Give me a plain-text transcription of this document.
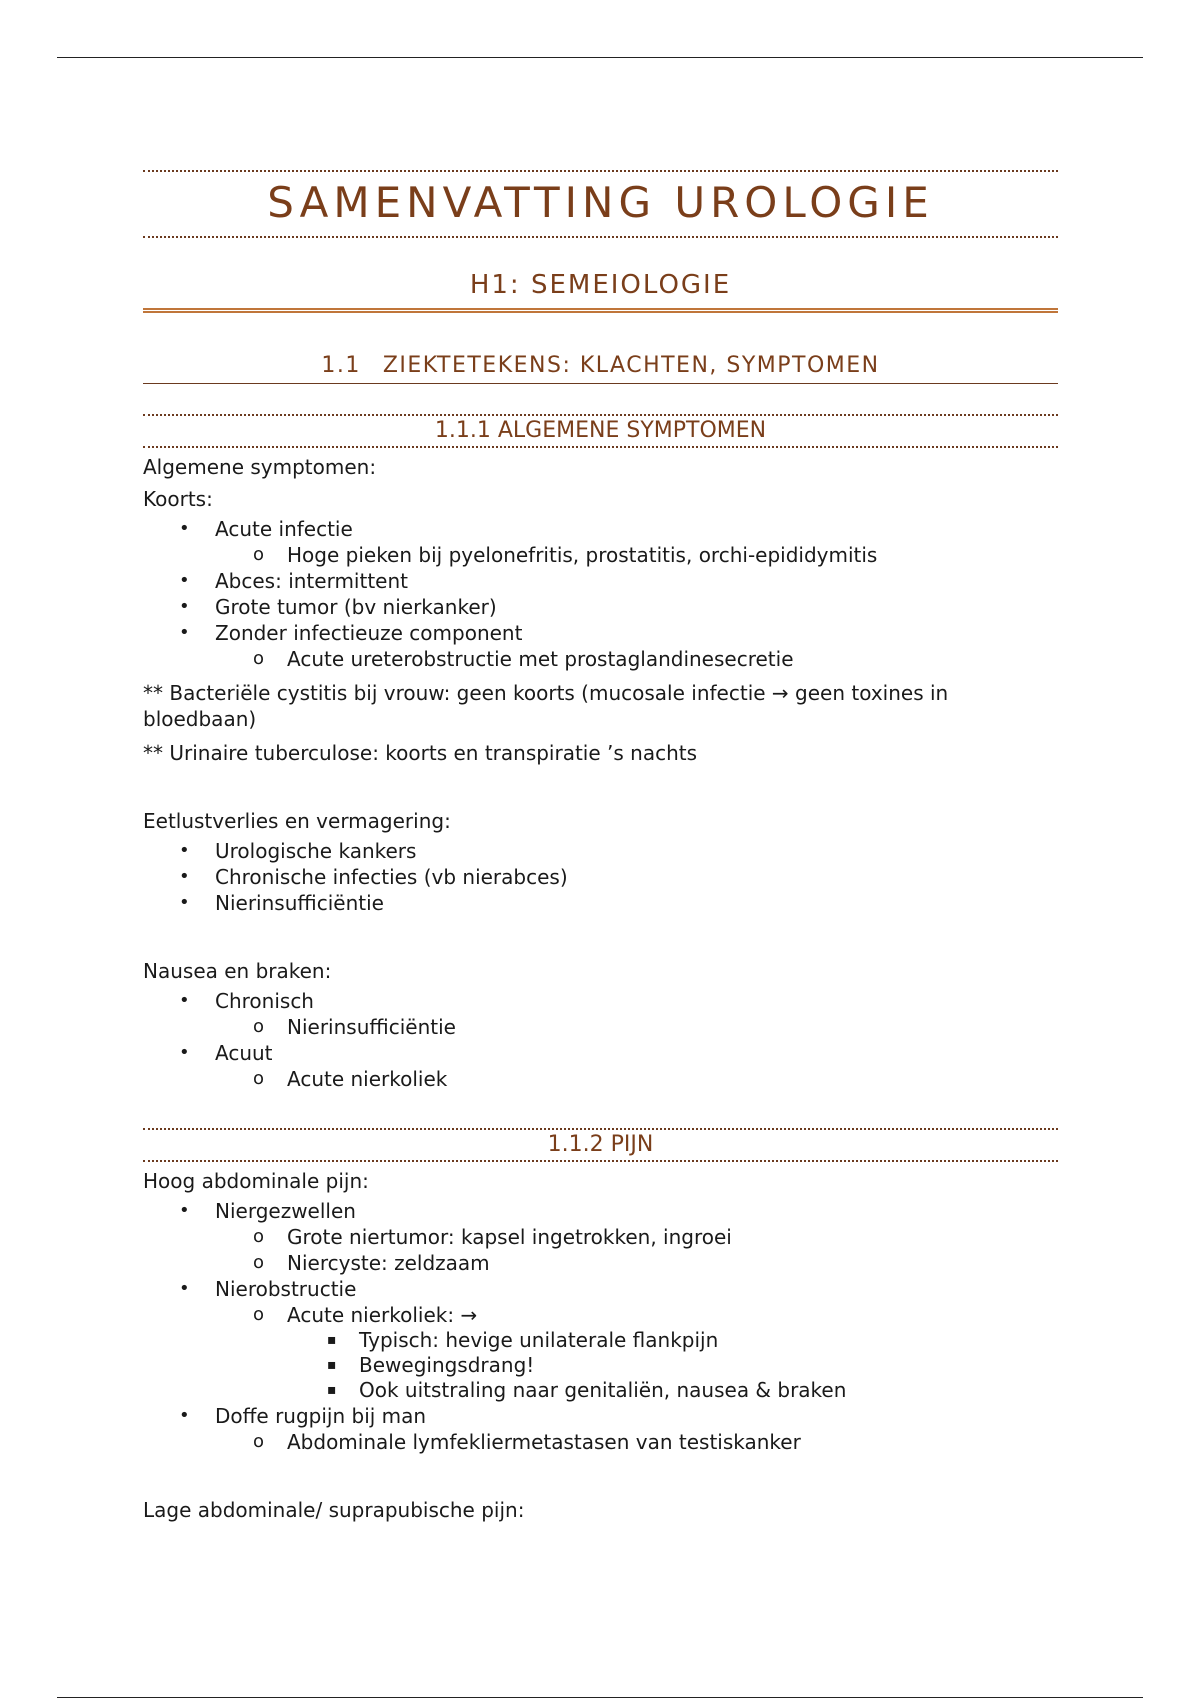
SAMENVATTING UROLOGIE
H1: SEMEIOLOGIE
1.1 ZIEKTETEKENS: KLACHTEN, SYMPTOMEN
1.1.1 ALGEMENE SYMPTOMEN

Algemene symptomen:

Koorts:

• Acute infectie
o Hoge pieken bij pyelonefritis, prostatitis, orchi-epididymitis
• Abces: intermittent
• Grote tumor (bv nierkanker)
• Zonder infectieuze component
o Acute ureterobstructie met prostaglandinesecretie

** Bacteriële cystitis bij vrouw: geen koorts (mucosale infectie → geen toxines in bloedbaan)

** Urinaire tuberculose: koorts en transpiratie ’s nachts

Eetlustverlies en vermagering:

• Urologische kankers
• Chronische infecties (vb nierabces)
• Nierinsufficiëntie

Nausea en braken:

• Chronisch
o Nierinsufficiëntie
• Acuut
o Acute nierkoliek
1.1.2 PIJN

Hoog abdominale pijn:

• Niergezwellen
o Grote niertumor: kapsel ingetrokken, ingroei
o Niercyste: zeldzaam
• Nierobstructie
o Acute nierkoliek: →
▪ Typisch: hevige unilaterale flankpijn
▪ Bewegingsdrang!
▪ Ook uitstraling naar genitaliën, nausea & braken
• Doffe rugpijn bij man
o Abdominale lymfekliermetastasen van testiskanker

Lage abdominale/ suprapubische pijn:
